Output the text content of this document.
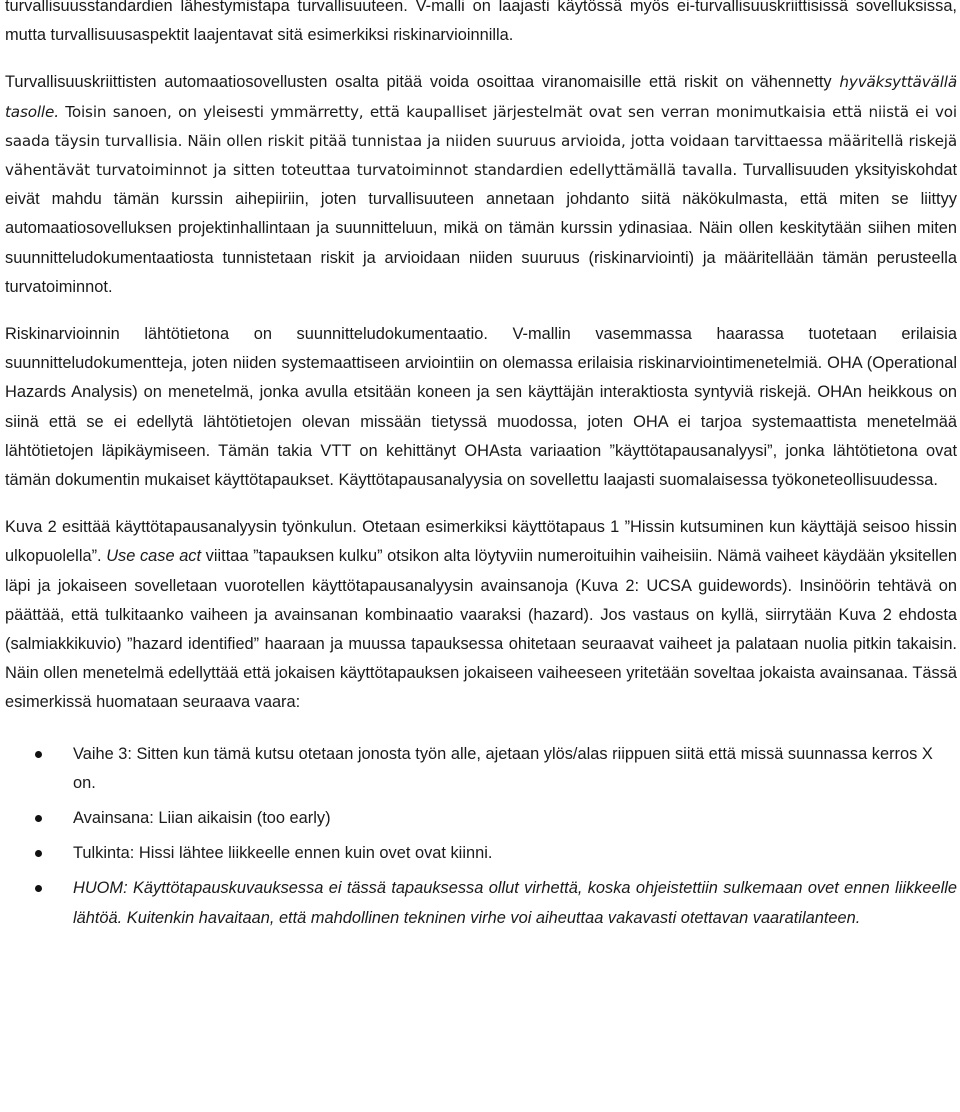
turvallisuusstandardien lähestymistapa turvallisuuteen. V-malli on laajasti käytössä myös ei-turvallisuuskriittisissä sovelluksissa, mutta turvallisuusaspektit laajentavat sitä esimerkiksi riskinarvioinnilla.

Turvallisuuskriittisten automaatiosovellusten osalta pitää voida osoittaa viranomaisille että riskit on vähennetty hyväksyttävällä tasolle. Toisin sanoen, on yleisesti ymmärretty, että kaupalliset järjestelmät ovat sen verran monimutkaisia että niistä ei voi saada täysin turvallisia. Näin ollen riskit pitää tunnistaa ja niiden suuruus arvioida, jotta voidaan tarvittaessa määritellä riskejä vähentävät turvatoiminnot ja sitten toteuttaa turvatoiminnot standardien edellyttämällä tavalla. Turvallisuuden yksityiskohdat eivät mahdu tämän kurssin aihepiiriin, joten turvallisuuteen annetaan johdanto siitä näkökulmasta, että miten se liittyy automaatiosovelluksen projektinhallintaan ja suunnitteluun, mikä on tämän kurssin ydinasiaa. Näin ollen keskitytään siihen miten suunnitteludokumentaatiosta tunnistetaan riskit ja arvioidaan niiden suuruus (riskinarviointi) ja määritellään tämän perusteella turvatoiminnot.

Riskinarvioinnin lähtötietona on suunnitteludokumentaatio. V-mallin vasemmassa haarassa tuotetaan erilaisia suunnitteludokumentteja, joten niiden systemaattiseen arviointiin on olemassa erilaisia riskinarviointimenetelmiä. OHA (Operational Hazards Analysis) on menetelmä, jonka avulla etsitään koneen ja sen käyttäjän interaktiosta syntyviä riskejä. OHAn heikkous on siinä että se ei edellytä lähtötietojen olevan missään tietyssä muodossa, joten OHA ei tarjoa systemaattista menetelmää lähtötietojen läpikäymiseen. Tämän takia VTT on kehittänyt OHAsta variaation ”käyttötapausanalyysi”, jonka lähtötietona ovat tämän dokumentin mukaiset käyttötapaukset. Käyttötapausanalyysia on sovellettu laajasti suomalaisessa työkoneteollisuudessa.

Kuva 2 esittää käyttötapausanalyysin työnkulun. Otetaan esimerkiksi käyttötapaus 1 ”Hissin kutsuminen kun käyttäjä seisoo hissin ulkopuolella”. Use case act viittaa ”tapauksen kulku” otsikon alta löytyviin numeroituihin vaiheisiin. Nämä vaiheet käydään yksitellen läpi ja jokaiseen sovelletaan vuorotellen käyttötapausanalyysin avainsanoja (Kuva 2: UCSA guidewords). Insinöörin tehtävä on päättää, että tulkitaanko vaiheen ja avainsanan kombinaatio vaaraksi (hazard). Jos vastaus on kyllä, siirrytään Kuva 2 ehdosta (salmiakkikuvio) ”hazard identified” haaraan ja muussa tapauksessa ohitetaan seuraavat vaiheet ja palataan nuolia pitkin takaisin. Näin ollen menetelmä edellyttää että jokaisen käyttötapauksen jokaiseen vaiheeseen yritetään soveltaa jokaista avainsanaa. Tässä esimerkissä huomataan seuraava vaara:

Vaihe 3: Sitten kun tämä kutsu otetaan jonosta työn alle, ajetaan ylös/alas riippuen siitä että missä suunnassa kerros X on.
Avainsana: Liian aikaisin (too early)
Tulkinta: Hissi lähtee liikkeelle ennen kuin ovet ovat kiinni.
HUOM: Käyttötapauskuvauksessa ei tässä tapauksessa ollut virhettä, koska ohjeistettiin sulkemaan ovet ennen liikkeelle lähtöä. Kuitenkin havaitaan, että mahdollinen tekninen virhe voi aiheuttaa vakavasti otettavan vaaratilanteen.
